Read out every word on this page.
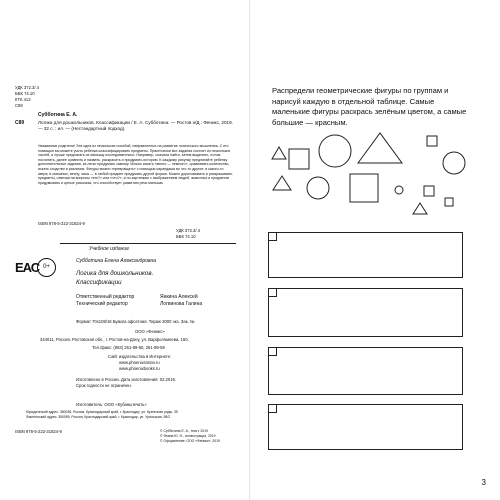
УДК 372.3/.4
ББК 74.10
КТК 413
С89
Субботина Е. А.
С89	Логика для дошкольников. Классификации / Е. А. Субботина. — Ростов н/Д : Феникс, 2019. — 32 с. : ил. — (Нестандартный подход).
Уважаемые родители! Эта одна из нескольких пособий, направленных на развитие логического мышления. С его помощью вы можете учить ребенка классифицировать предметы. Практически все задания состоят из нескольких частей, и лучше предлагать их малышу последовательно. Например, сначала найти, затем выделить, потом посчитать, далее сравнить и назвать, раскрасить и придумать историю. К каждому рисунку предлагайте ребенку дополнительные задания, из легко придумать самому. Можно искать «много — немного», сравнивать количество, искать сходство и различия. Фигуры можно «превращать» с помощью карандаша во что-то другое: в какого-то зверя, в смешных, весну, часы — в любой предмет придумать другой форма. Можно дорисовывать и раскрашивать предметы, отвечая на вопросы «кто?» или «что?», а по картинкам с изображением людей, животных и предметов придумывать и целые рассказы, что способствует развитию речи малыша.
ISBN 978-5-222-31824-9
УДК 372.3/.4
ББК 74.10
Учебное издание
ЕАС 0+
Субботина Елена Александровна
Логика для дошкольников.
Классификации
Ответственный редактор	Янкина Алексей
Технический редактор	Логвинова Галина
Формат 70х108/16 Бумага офсетная. Тираж 3000 экз. Зак. №
ООО «Феникс»
344011, Россия, Ростовская обл., г. Ростов-на-Дону, ул. Варфоломеева, 150.
Тел./факс: (863) 261-89-50, 261-89-59
Сайт издательства в Интернете:
www.phoenixrostov.ru
www.phoenixbooks.ru
Изготовлено в России. Дата изготовления: 02.2019.
Срок годности не ограничен.
Изготовитель: ООО «Кубаньпечать»
Юридический адрес: 350038, Россия, Краснодарский край, г. Краснодар, ул. Кузнечная ряды, 35
Фактический адрес: 350059, Россия, Краснодарский край, г. Краснодар, ул. Уральская, 98/2
ISBN 978-5-222-31824-9	© Субботина Е. А., текст, 2019
© Янина Ю. Н., иллюстрации, 2019
© Оформление: ООО «Феникс», 2019
Распредели геометрические фигуры по группам и нарисуй каждую в отдельной таблице. Самые маленькие фигуры раскрась зелёным цветом, а самые большие — красным.
3
